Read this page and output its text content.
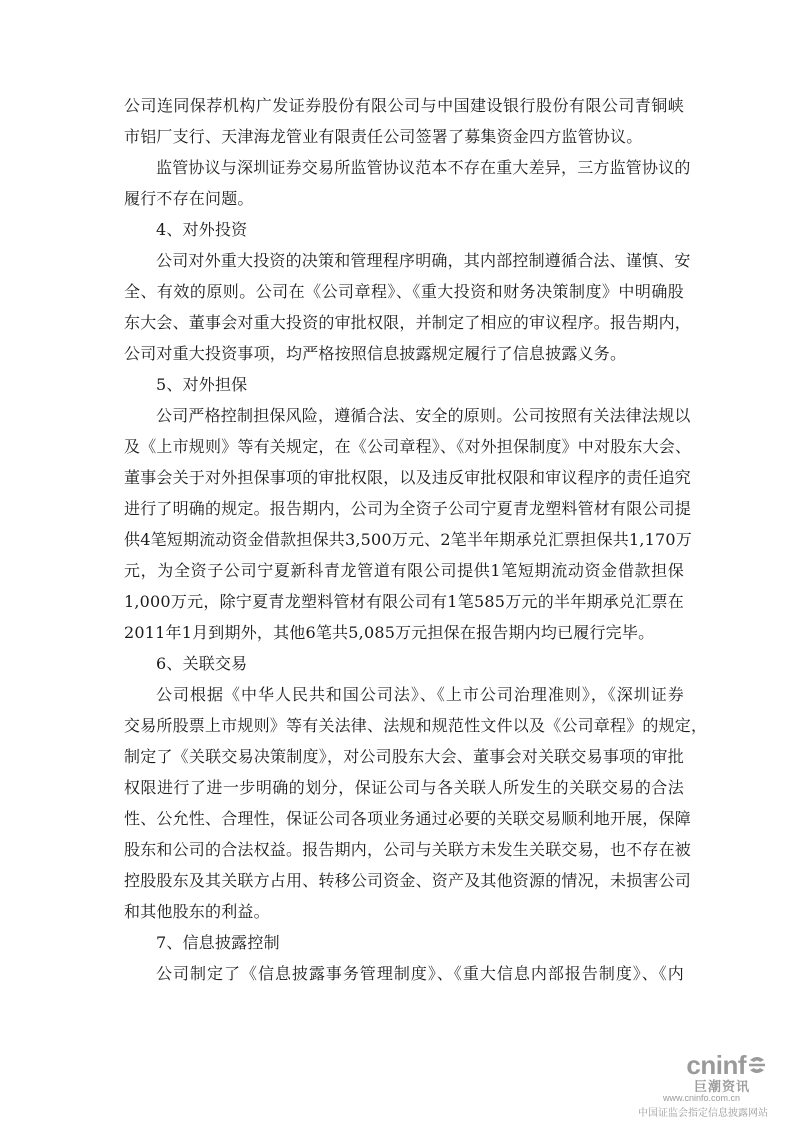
公司连同保荐机构广发证券股份有限公司与中国建设银行股份有限公司青铜峡
市铝厂支行、天津海龙管业有限责任公司签署了募集资金四方监管协议。
监管协议与深圳证券交易所监管协议范本不存在重大差异，三方监管协议的
履行不存在问题。
4、对外投资
公司对外重大投资的决策和管理程序明确，其内部控制遵循合法、谨慎、安
全、有效的原则。公司在《公司章程》、《重大投资和财务决策制度》中明确股
东大会、董事会对重大投资的审批权限，并制定了相应的审议程序。报告期内，
公司对重大投资事项，均严格按照信息披露规定履行了信息披露义务。
5、对外担保
公司严格控制担保风险，遵循合法、安全的原则。公司按照有关法律法规以
及《上市规则》等有关规定，在《公司章程》、《对外担保制度》中对股东大会、
董事会关于对外担保事项的审批权限，以及违反审批权限和审议程序的责任追究
进行了明确的规定。报告期内，公司为全资子公司宁夏青龙塑料管材有限公司提
供4笔短期流动资金借款担保共3,500万元、2笔半年期承兑汇票担保共1,170万
元，为全资子公司宁夏新科青龙管道有限公司提供1笔短期流动资金借款担保
1,000万元，除宁夏青龙塑料管材有限公司有1笔585万元的半年期承兑汇票在
2011年1月到期外，其他6笔共5,085万元担保在报告期内均已履行完毕。
6、关联交易
公司根据《中华人民共和国公司法》、《上市公司治理准则》，《深圳证券
交易所股票上市规则》等有关法律、法规和规范性文件以及《公司章程》的规定，
制定了《关联交易决策制度》，对公司股东大会、董事会对关联交易事项的审批
权限进行了进一步明确的划分，保证公司与各关联人所发生的关联交易的合法
性、公允性、合理性，保证公司各项业务通过必要的关联交易顺利地开展，保障
股东和公司的合法权益。报告期内，公司与关联方未发生关联交易，也不存在被
控股股东及其关联方占用、转移公司资金、资产及其他资源的情况，未损害公司
和其他股东的利益。
7、信息披露控制
公司制定了《信息披露事务管理制度》、《重大信息内部报告制度》、《内
cninf
巨潮资讯
www.cninfo.com.cn
中国证监会指定信息披露网站
